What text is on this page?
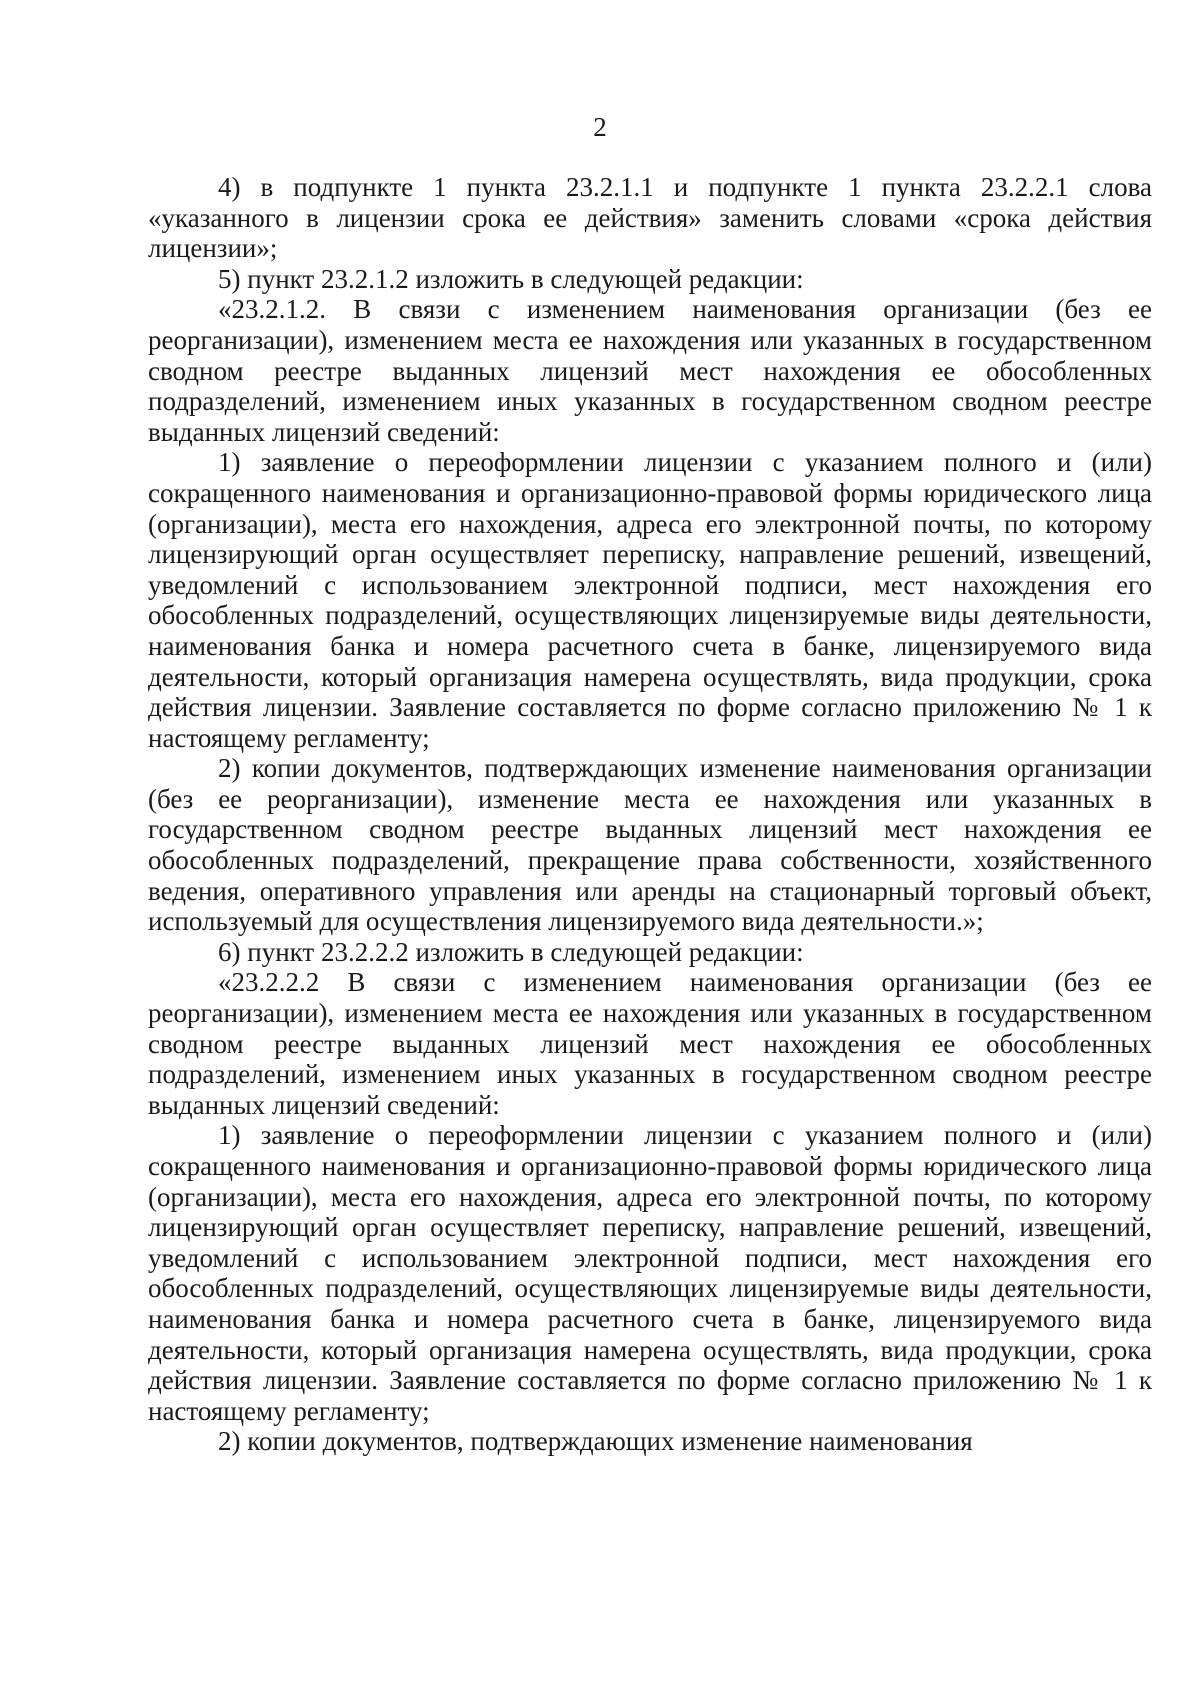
2

4) в подпункте 1 пункта 23.2.1.1 и подпункте 1 пункта 23.2.2.1 слова «указанного в лицензии срока ее действия» заменить словами «срока действия лицензии»;

5) пункт 23.2.1.2 изложить в следующей редакции:

«23.2.1.2. В связи с изменением наименования организации (без ее реорганизации), изменением места ее нахождения или указанных в государственном сводном реестре выданных лицензий мест нахождения ее обособленных подразделений, изменением иных указанных в государственном сводном реестре выданных лицензий сведений:

1) заявление о переоформлении лицензии с указанием полного и (или) сокращенного наименования и организационно-правовой формы юридического лица (организации), места его нахождения, адреса его электронной почты, по которому лицензирующий орган осуществляет переписку, направление решений, извещений, уведомлений с использованием электронной подписи, мест нахождения его обособленных подразделений, осуществляющих лицензируемые виды деятельности, наименования банка и номера расчетного счета в банке, лицензируемого вида деятельности, который организация намерена осуществлять, вида продукции, срока действия лицензии. Заявление составляется по форме согласно приложению № 1 к настоящему регламенту;

2) копии документов, подтверждающих изменение наименования организации (без ее реорганизации), изменение места ее нахождения или указанных в государственном сводном реестре выданных лицензий мест нахождения ее обособленных подразделений, прекращение права собственности, хозяйственного ведения, оперативного управления или аренды на стационарный торговый объект, используемый для осуществления лицензируемого вида деятельности.»;

6) пункт 23.2.2.2 изложить в следующей редакции:

«23.2.2.2 В связи с изменением наименования организации (без ее реорганизации), изменением места ее нахождения или указанных в государственном сводном реестре выданных лицензий мест нахождения ее обособленных подразделений, изменением иных указанных в государственном сводном реестре выданных лицензий сведений:

1) заявление о переоформлении лицензии с указанием полного и (или) сокращенного наименования и организационно-правовой формы юридического лица (организации), места его нахождения, адреса его электронной почты, по которому лицензирующий орган осуществляет переписку, направление решений, извещений, уведомлений с использованием электронной подписи, мест нахождения его обособленных подразделений, осуществляющих лицензируемые виды деятельности, наименования банка и номера расчетного счета в банке, лицензируемого вида деятельности, который организация намерена осуществлять, вида продукции, срока действия лицензии. Заявление составляется по форме согласно приложению № 1 к настоящему регламенту;

2) копии документов, подтверждающих изменение наименования
